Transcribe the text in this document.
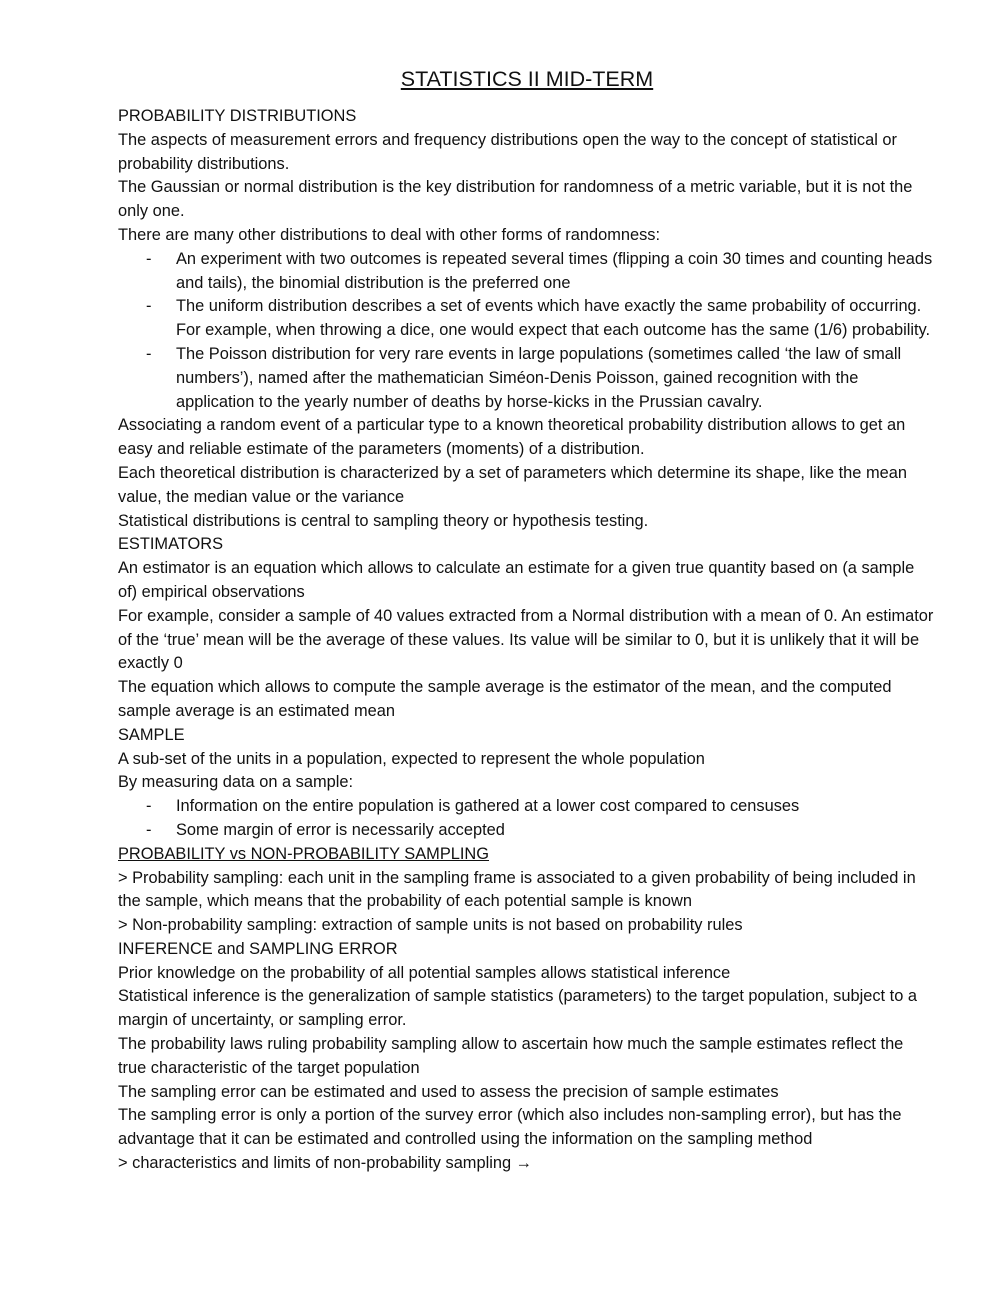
STATISTICS II MID-TERM

PROBABILITY DISTRIBUTIONS

The aspects of measurement errors and frequency distributions open the way to the concept of statistical or probability distributions.

The Gaussian or normal distribution is the key distribution for randomness of a metric variable, but it is not the only one.

There are many other distributions to deal with other forms of randomness:

- An experiment with two outcomes is repeated several times (flipping a coin 30 times and counting heads and tails), the binomial distribution is the preferred one
- The uniform distribution describes a set of events which have exactly the same probability of occurring. For example, when throwing a dice, one would expect that each outcome has the same (1/6) probability.
- The Poisson distribution for very rare events in large populations (sometimes called ‘the law of small numbers’), named after the mathematician Siméon-Denis Poisson, gained recognition with the application to the yearly number of deaths by horse-kicks in the Prussian cavalry.

Associating a random event of a particular type to a known theoretical probability distribution allows to get an easy and reliable estimate of the parameters (moments) of a distribution.

Each theoretical distribution is characterized by a set of parameters which determine its shape, like the mean value, the median value or the variance

Statistical distributions is central to sampling theory or hypothesis testing.

ESTIMATORS

An estimator is an equation which allows to calculate an estimate for a given true quantity based on (a sample of) empirical observations

For example, consider a sample of 40 values extracted from a Normal distribution with a mean of 0. An estimator of the ‘true’ mean will be the average of these values. Its value will be similar to 0, but it is unlikely that it will be exactly 0

The equation which allows to compute the sample average is the estimator of the mean, and the computed sample average is an estimated mean

SAMPLE

A sub-set of the units in a population, expected to represent the whole population

By measuring data on a sample:

- Information on the entire population is gathered at a lower cost compared to censuses
- Some margin of error is necessarily accepted

PROBABILITY vs NON-PROBABILITY SAMPLING

> Probability sampling: each unit in the sampling frame is associated to a given probability of being included in the sample, which means that the probability of each potential sample is known

> Non-probability sampling: extraction of sample units is not based on probability rules

INFERENCE and SAMPLING ERROR

Prior knowledge on the probability of all potential samples allows statistical inference

Statistical inference is the generalization of sample statistics (parameters) to the target population, subject to a margin of uncertainty, or sampling error.

The probability laws ruling probability sampling allow to ascertain how much the sample estimates reflect the true characteristic of the target population

The sampling error can be estimated and used to assess the precision of sample estimates

The sampling error is only a portion of the survey error (which also includes non-sampling error), but has the advantage that it can be estimated and controlled using the information on the sampling method

> characteristics and limits of non-probability sampling →
